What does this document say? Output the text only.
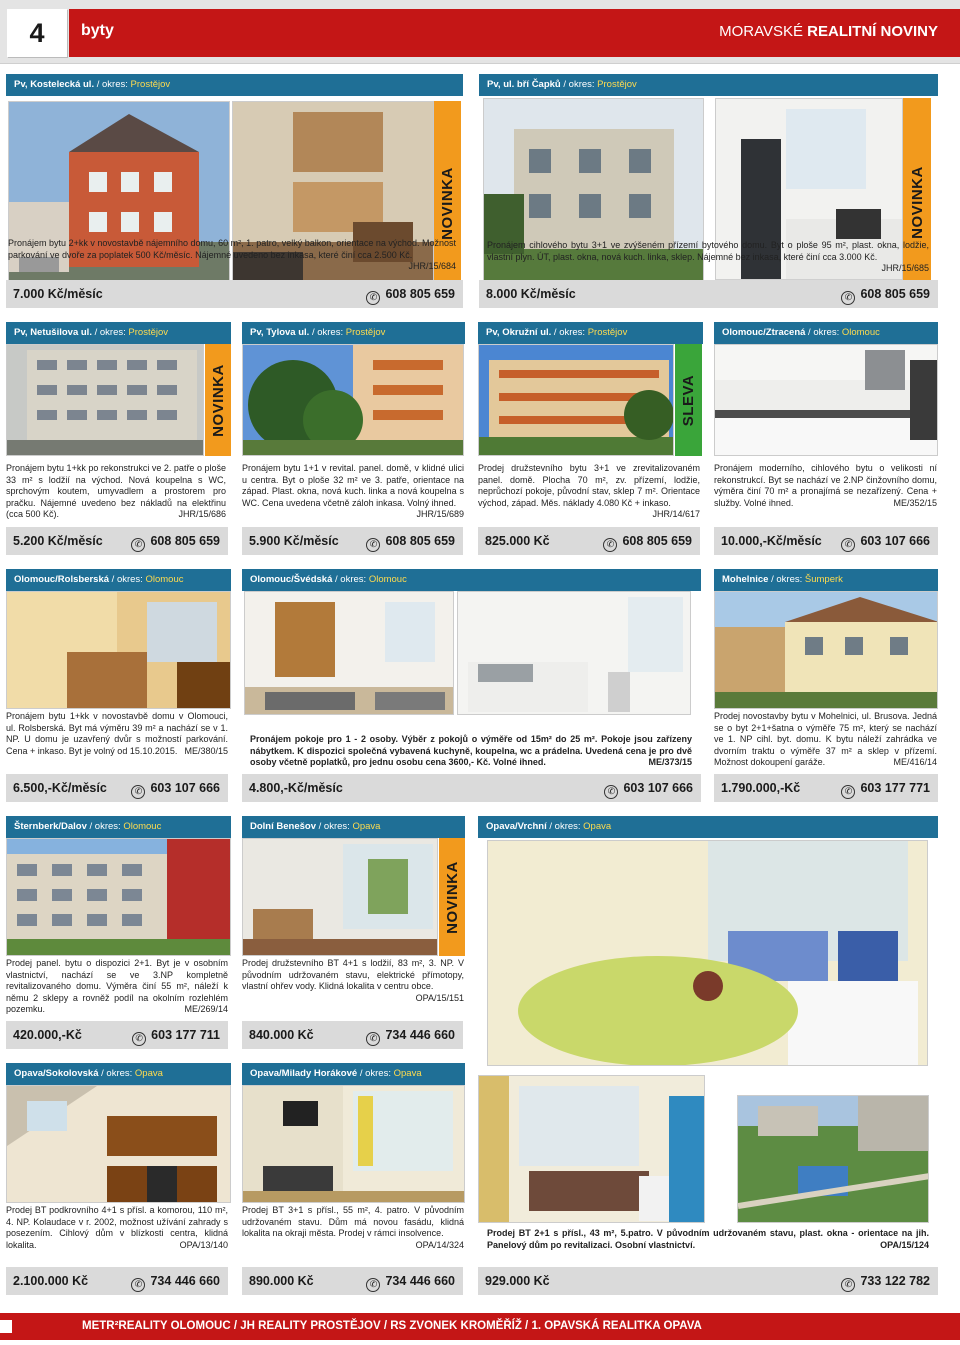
4	byty	MORAVSKÉ REALITNÍ NOVINY
Pv, Kostelecká ul. / okres: Prostějov
NOVINKA
Pronájem bytu 2+kk v novostavbě nájemního domu, 60 m², 1. patro, velký balkon, orientace na východ. Možnost parkování ve dvoře za poplatek 500 Kč/měsíc. Nájemné uvedeno bez inkasa, které činí cca 2.500 Kč.
JHR/15/684
7.000 Kč/měsíc	✆ 608 805 659
Pv, ul. bří Čapků / okres: Prostějov
NOVINKA
Pronájem cihlového bytu 3+1 ve zvýšeném přízemí bytového domu. Byt o ploše 95 m², plast. okna, lodžie, vlastní plyn. ÚT, plast. okna, nová kuch. linka, sklep. Nájemné bez inkasa, které činí cca 3.000 Kč.
JHR/15/685
8.000 Kč/měsíc	✆ 608 805 659
Pv, Netušilova ul. / okres: Prostějov
NOVINKA
Pronájem bytu 1+kk po rekonstrukci ve 2. patře o ploše 33 m² s lodžií na východ. Nová koupelna s WC, sprchovým koutem, umyvadlem a prostorem pro pračku. Nájemné uvedeno bez nákladů na elektřinu (cca 500 Kč).	JHR/15/686
5.200 Kč/měsíc	✆ 608 805 659
Pv, Tylova ul. / okres: Prostějov
Pronájem bytu 1+1 v revital. panel. domě, v klidné ulici u centra. Byt o ploše 32 m² ve 3. patře, orientace na západ. Plast. okna, nová kuch. linka a nová koupelna s WC. Cena uvedena včetně záloh inkasa. Volný ihned.
JHR/15/689
5.900 Kč/měsíc	✆ 608 805 659
Pv, Okružní ul. / okres: Prostějov
SLEVA
Prodej družstevního bytu 3+1 ve zrevitalizovaném panel. domě. Plocha 70 m², zv. přízemí, lodžie, neprůchozí pokoje, původní stav, sklep 7 m². Orientace východ, západ. Měs. náklady 4.080 Kč + inkaso.
JHR/14/617
825.000 Kč	✆ 608 805 659
Olomouc/Ztracená / okres: Olomouc
Pronájem moderního, cihlového bytu o velikosti ní rekonstrukcí. Byt se nachází ve 2.NP činžovního domu, výměra činí 70 m² a pronajímá se nezařízený. Cena + služby. Volné ihned.	ME/352/15
10.000,-Kč/měsíc	✆ 603 107 666
Olomouc/Rolsberská / okres: Olomouc
Pronájem bytu 1+kk v novostavbě domu v Olomouci, ul. Rolsberská. Byt má výměru 39 m² a nachází se v 1. NP. U domu je uzavřený dvůr s možností parkování. Cena + inkaso. Byt je volný od 15.10.2015. ME/380/15
6.500,-Kč/měsíc	✆ 603 107 666
Olomouc/Švédská / okres: Olomouc
Pronájem pokoje pro 1 - 2 osoby. Výběr z pokojů o výměře od 15m² do 25 m². Pokoje jsou zařízeny nábytkem. K dispozici společná vybavená kuchyně, koupelna, wc a prádelna. Uvedená cena je pro dvě osoby včetně poplatků, pro jednu osobu cena 3600,- Kč. Volné ihned.	ME/373/15
4.800,-Kč/měsíc	✆ 603 107 666
Mohelnice / okres: Šumperk
Prodej novostavby bytu v Mohelnici, ul. Brusova. Jedná se o byt 2+1+šatna o výměře 75 m², který se nachází ve 1. NP cihl. byt. domu. K bytu náleží zahrádka ve dvorním traktu o výměře 37 m² a sklep v přízemí. Možnost dokoupení garáže.	ME/416/14
1.790.000,-Kč	✆ 603 177 771
Šternberk/Dalov / okres: Olomouc
Prodej panel. bytu o dispozici 2+1. Byt je v osobním vlastnictví, nachází se ve 3.NP kompletně revitalizovaného domu. Výměra činí 55 m², náleží k němu 2 sklepy a rovněž podíl na okolním rozlehlém pozemku.	ME/269/14
420.000,-Kč	✆ 603 177 711
Dolní Benešov / okres: Opava
NOVINKA
Prodej družstevního BT 4+1 s lodžií, 83 m², 3. NP. V původním udržovaném stavu, elektrické přímotopy, vlastní ohřev vody. Klidná lokalita v centru obce.
OPA/15/151
840.000 Kč	✆ 734 446 660
Opava/Vrchní / okres: Opava
Opava/Sokolovská / okres: Opava
Prodej BT podkrovního 4+1 s přísl. a komorou, 110 m², 4. NP. Kolaudace v r. 2002, možnost užívání zahrady s posezením. Cihlový dům v blízkosti centra, klidná lokalita.	OPA/13/140
2.100.000 Kč	✆ 734 446 660
Opava/Milady Horákové / okres: Opava
Prodej BT 3+1 s přísl., 55 m², 4. patro. V původním udržovaném stavu. Dům má novou fasádu, klidná lokalita na okraji města. Prodej v rámci insolvence.
OPA/14/324
890.000 Kč	✆ 734 446 660
Prodej BT 2+1 s přísl., 43 m², 5.patro. V původním udržovaném stavu, plast. okna - orientace na jih. Panelový dům po revitalizaci. Osobní vlastnictví.	OPA/15/124
929.000 Kč	✆ 733 122 782
METR²REALITY OLOMOUC / JH REALITY PROSTĚJOV / RS ZVONEK KROMĚŘÍŽ / 1. OPAVSKÁ REALITKA OPAVA
